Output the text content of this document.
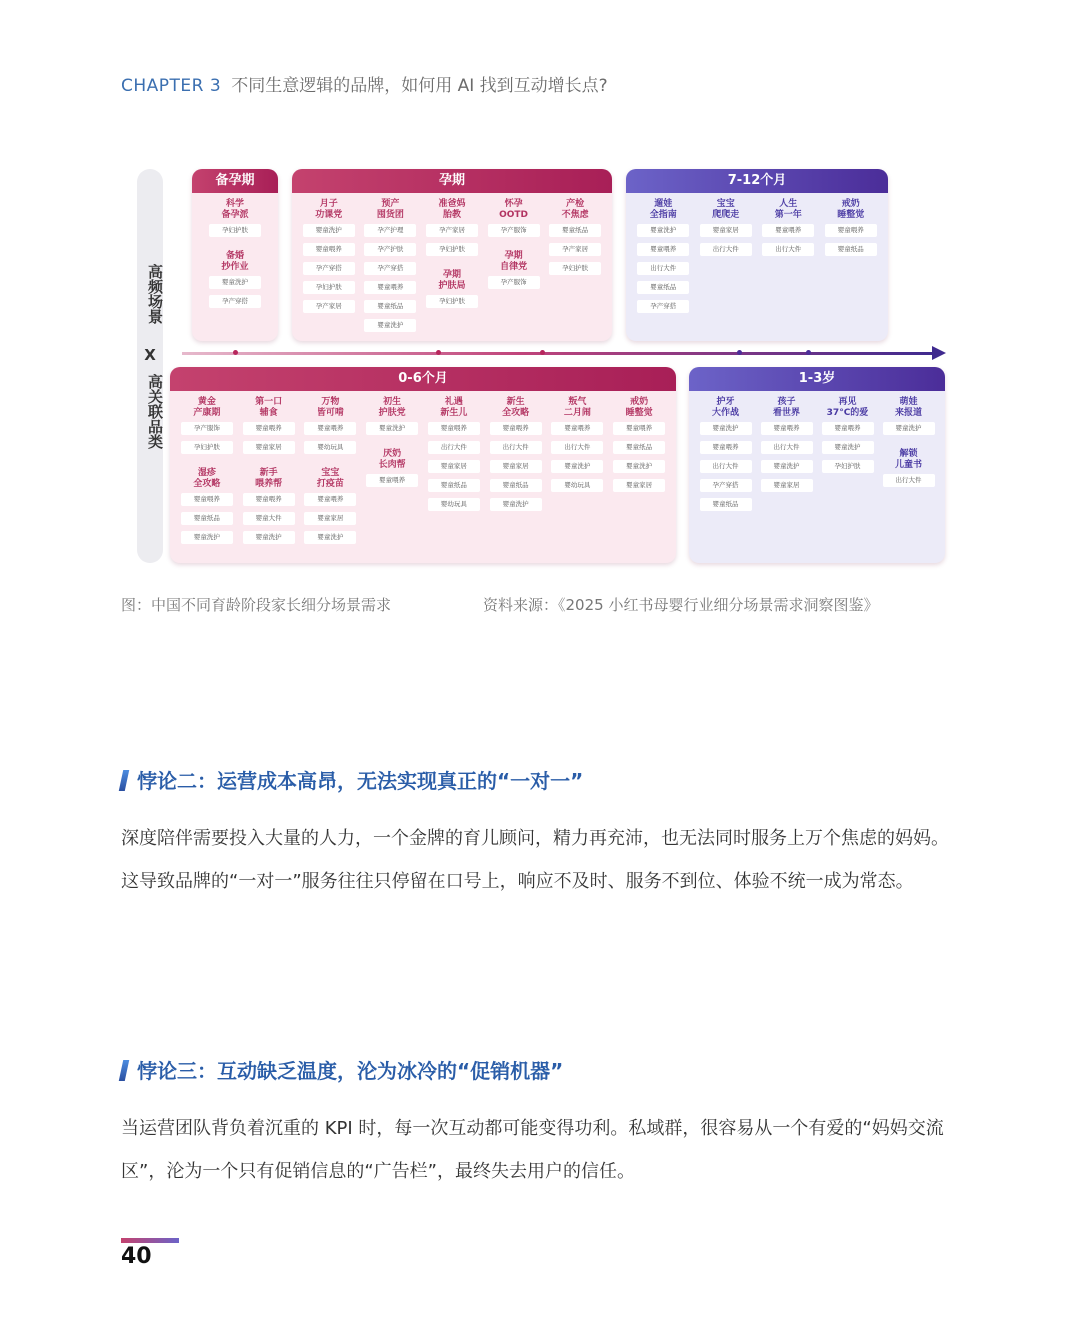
CHAPTER 3 不同生意逻辑的品牌，如何用 AI 找到互动增长点?
高频场景
X
高关联品类
备孕期
科学
备孕派
孕妇护肤
备婚
抄作业
婴童洗护
孕产穿搭
孕期
月子
功课党
婴童洗护
婴童喂养
孕产穿搭
孕妇护肤
孕产家居
预产
囤货团
孕产护理
孕产护肤
孕产穿搭
婴童喂养
婴童纸品
婴童洗护
准爸妈
胎教
孕产家居
孕妇护肤
孕期
护肤局
孕妇护肤
怀孕
OOTD
孕产服饰
孕期
自律党
孕产服饰
产检
不焦虑
婴童纸品
孕产家居
孕妇护肤
7-12个月
遛娃
全指南
婴童洗护
婴童喂养
出行大件
婴童纸品
孕产穿搭
宝宝
爬爬走
婴童家居
出行大件
人生
第一年
婴童喂养
出行大件
戒奶
睡整觉
婴童喂养
婴童纸品
0-6个月
黄金
产康期
孕产服饰
孕妇护肤
湿疹
全攻略
婴童喂养
婴童纸品
婴童洗护
第一口
辅食
婴童喂养
婴童家居
新手
喂养帮
婴童喂养
婴童大件
婴童洗护
万物
皆可啃
婴童喂养
婴幼玩具
宝宝
打疫苗
婴童喂养
婴童家居
婴童洗护
初生
护肤党
婴童洗护
厌奶
长肉帮
婴童喂养
礼遇
新生儿
婴童喂养
出行大件
婴童家居
婴童纸品
婴幼玩具
新生
全攻略
婴童喂养
出行大件
婴童家居
婴童纸品
婴童洗护
叛气
二月闹
婴童喂养
出行大件
婴童洗护
婴幼玩具
戒奶
睡整觉
婴童喂养
婴童纸品
婴童洗护
婴童家居
1-3岁
护牙
大作战
婴童洗护
婴童喂养
出行大件
孕产穿搭
婴童纸品
孩子
看世界
婴童喂养
出行大件
婴童洗护
婴童家居
再见
37°C的爱
婴童喂养
婴童洗护
孕妇护肤
萌娃
来报道
婴童洗护
解锁
儿童书
出行大件
图：中国不同育龄阶段家长细分场景需求	资料来源：《2025 小红书母婴行业细分场景需求洞察图鉴》
悖论二：运营成本高昂，无法实现真正的“一对一”
深度陪伴需要投入大量的人力，一个金牌的育儿顾问，精力再充沛，也无法同时服务上万个焦虑的妈妈。这导致品牌的“一对一”服务往往只停留在口号上，响应不及时、服务不到位、体验不统一成为常态。
悖论三：互动缺乏温度，沦为冰冷的“促销机器”
当运营团队背负着沉重的 KPI 时，每一次互动都可能变得功利。私域群，很容易从一个有爱的“妈妈交流区”，沦为一个只有促销信息的“广告栏”，最终失去用户的信任。
40
